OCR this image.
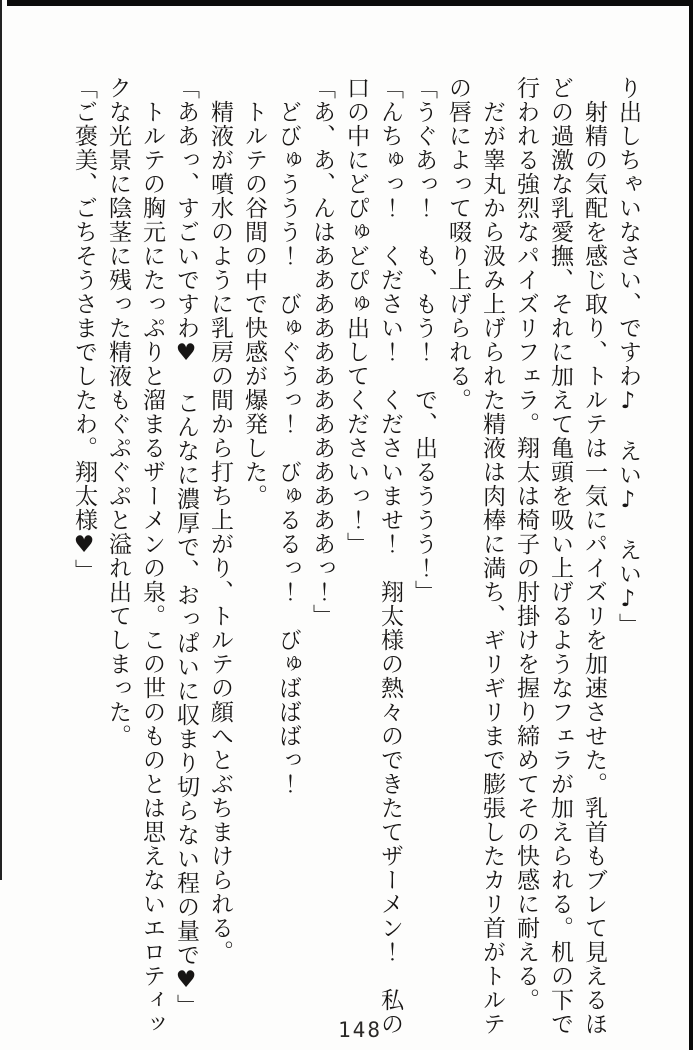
り出しちゃいなさい、ですわ♪　えい♪　えい♪」
　射精の気配を感じ取り、トルテは一気にパイズリを加速させた。乳首もブレて見えるほ
どの過激な乳愛撫、それに加えて亀頭を吸い上げるようなフェラが加えられる。机の下で
行われる強烈なパイズリフェラ。翔太は椅子の肘掛けを握り締めてその快感に耐える。
　だが睾丸から汲み上げられた精液は肉棒に満ち、ギリギリまで膨張したカリ首がトルテ
の唇によって啜り上げられる。
「うぐあっ！　も、もう！　で、出るううう！」
「んちゅっ！　ください！　くださいませ！　翔太様の熱々のできたてザーメン！　私の
口の中にどぴゅどぴゅ出してくださいっ！」
「あ、あ、んはあああああああああああああっ！」
　どびゅううう！　びゅぐうっ！　びゅるるっ！　びゅばばばっ！
　トルテの谷間の中で快感が爆発した。
　精液が噴水のように乳房の間から打ち上がり、トルテの顔へとぶちまけられる。
「ああっ、すごいですわ♥　こんなに濃厚で、おっぱいに収まり切らない程の量で♥」
　トルテの胸元にたっぷりと溜まるザーメンの泉。この世のものとは思えないエロティッ
クな光景に陰茎に残った精液もぐぷぐぷと溢れ出てしまった。
「ご褒美、ごちそうさまでしたわ。翔太様♥」
148
